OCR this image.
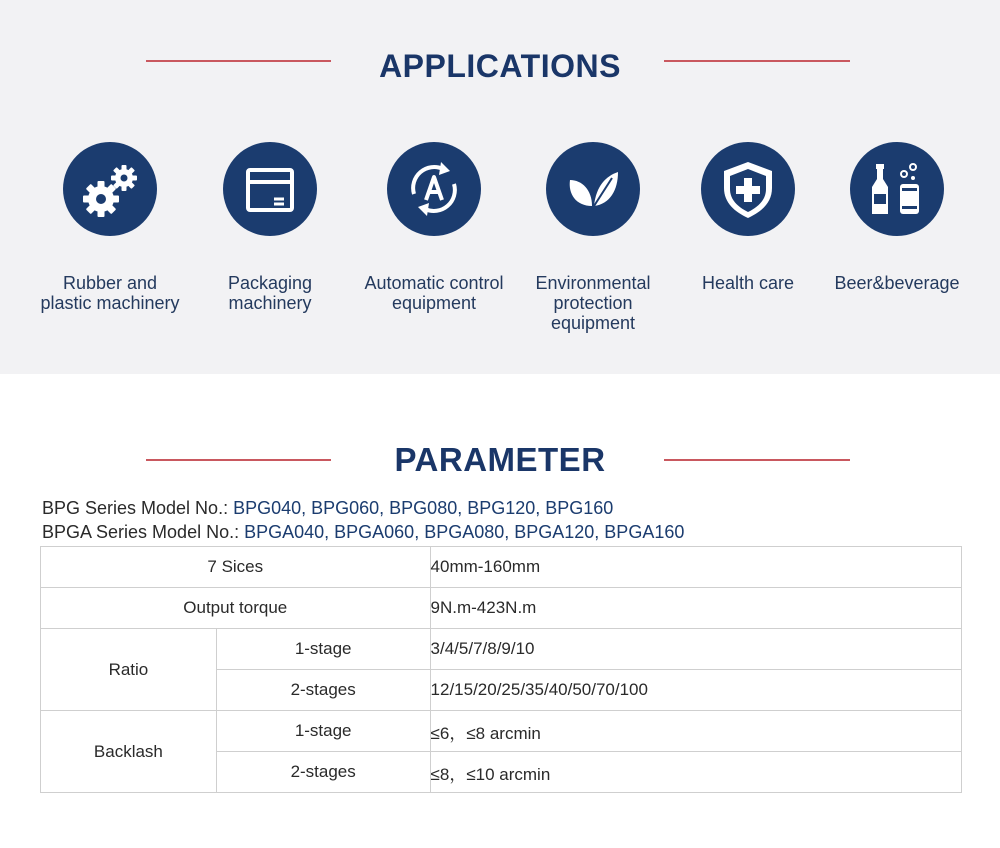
APPLICATIONS
Rubber and
plastic machinery
Packaging
machinery
Automatic control
equipment
Environmental
protection
equipment
Health care	Beer&beverage
PARAMETER
BPG Series Model No.: BPG040, BPG060, BPG080, BPG120, BPG160
BPGA Series Model No.: BPGA040, BPGA060, BPGA080, BPGA120, BPGA160
7 Sices		40mm-160mm
Output torque		9N.m-423N.m
Ratio	1-stage	3/4/5/7/8/9/10
	2-stages	12/15/20/25/35/40/50/70/100
Backlash	1-stage	≤6，≤8 arcmin
	2-stages	≤8，≤10 arcmin
